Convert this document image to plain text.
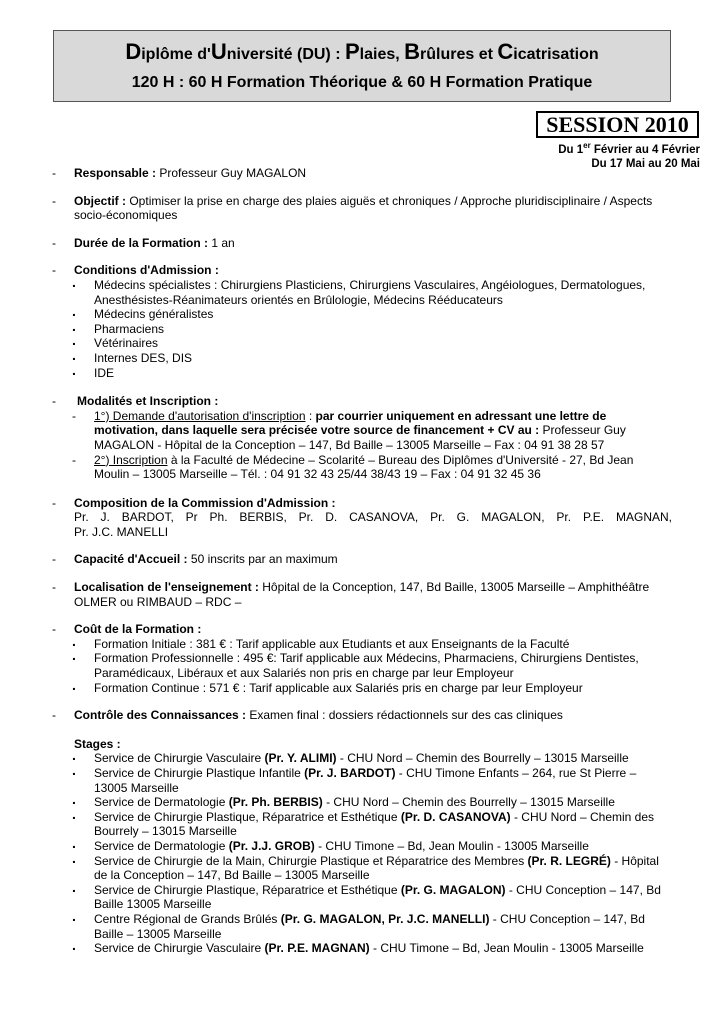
Diplôme d'Université (DU) : Plaies, Brûlures et Cicatrisation
120 H : 60 H Formation Théorique & 60 H Formation Pratique
SESSION 2010
Du 1er Février au 4 Février
Du 17 Mai au 20 Mai
- Responsable : Professeur Guy MAGALON
- Objectif : Optimiser la prise en charge des plaies aiguës et chroniques / Approche pluridisciplinaire / Aspects socio-économiques
- Durée de la Formation : 1 an
- Conditions d'Admission :
. Médecins spécialistes : Chirurgiens Plasticiens, Chirurgiens Vasculaires, Angéiologues, Dermatologues, Anesthésistes-Réanimateurs orientés en Brûlologie, Médecins Rééducateurs
. Médecins généralistes
. Pharmaciens
. Vétérinaires
. Internes DES, DIS
. IDE
- Modalités et Inscription :
- 1°) Demande d'autorisation d'inscription : par courrier uniquement en adressant une lettre de motivation, dans laquelle sera précisée votre source de financement + CV au : Professeur Guy MAGALON - Hôpital de la Conception – 147, Bd Baille – 13005 Marseille – Fax : 04 91 38 28 57
- 2°) Inscription à la Faculté de Médecine – Scolarité – Bureau des Diplômes d'Université - 27, Bd Jean Moulin – 13005 Marseille – Tél. : 04 91 32 43 25/44 38/43 19 – Fax : 04 91 32 45 36
- Composition de la Commission d'Admission :
Pr. J. BARDOT, Pr Ph. BERBIS, Pr. D. CASANOVA, Pr. G. MAGALON, Pr. P.E. MAGNAN,
Pr. J.C. MANELLI
- Capacité d'Accueil : 50 inscrits par an maximum
- Localisation de l'enseignement : Hôpital de la Conception, 147, Bd Baille, 13005 Marseille – Amphithéâtre OLMER ou RIMBAUD – RDC –
- Coût de la Formation :
. Formation Initiale : 381 € : Tarif applicable aux Etudiants et aux Enseignants de la Faculté
. Formation Professionnelle : 495 €: Tarif applicable aux Médecins, Pharmaciens, Chirurgiens Dentistes, Paramédicaux, Libéraux et aux Salariés non pris en charge par leur Employeur
. Formation Continue : 571 € : Tarif applicable aux Salariés pris en charge par leur Employeur
- Contrôle des Connaissances : Examen final : dossiers rédactionnels sur des cas cliniques
Stages :
. Service de Chirurgie Vasculaire (Pr. Y. ALIMI) - CHU Nord – Chemin des Bourrelly – 13015 Marseille
. Service de Chirurgie Plastique Infantile (Pr. J. BARDOT) - CHU Timone Enfants – 264, rue St Pierre – 13005 Marseille
. Service de Dermatologie (Pr. Ph. BERBIS) - CHU Nord – Chemin des Bourrelly – 13015 Marseille
. Service de Chirurgie Plastique, Réparatrice et Esthétique (Pr. D. CASANOVA) - CHU Nord – Chemin des Bourrely – 13015 Marseille
. Service de Dermatologie (Pr. J.J. GROB) - CHU Timone – Bd, Jean Moulin - 13005 Marseille
. Service de Chirurgie de la Main, Chirurgie Plastique et Réparatrice des Membres (Pr. R. LEGRÉ) - Hôpital de la Conception – 147, Bd Baille – 13005 Marseille
. Service de Chirurgie Plastique, Réparatrice et Esthétique (Pr. G. MAGALON) - CHU Conception – 147, Bd Baille 13005 Marseille
. Centre Régional de Grands Brûlés (Pr. G. MAGALON, Pr. J.C. MANELLI) - CHU Conception – 147, Bd Baille – 13005 Marseille
. Service de Chirurgie Vasculaire (Pr. P.E. MAGNAN) - CHU Timone – Bd, Jean Moulin - 13005 Marseille
